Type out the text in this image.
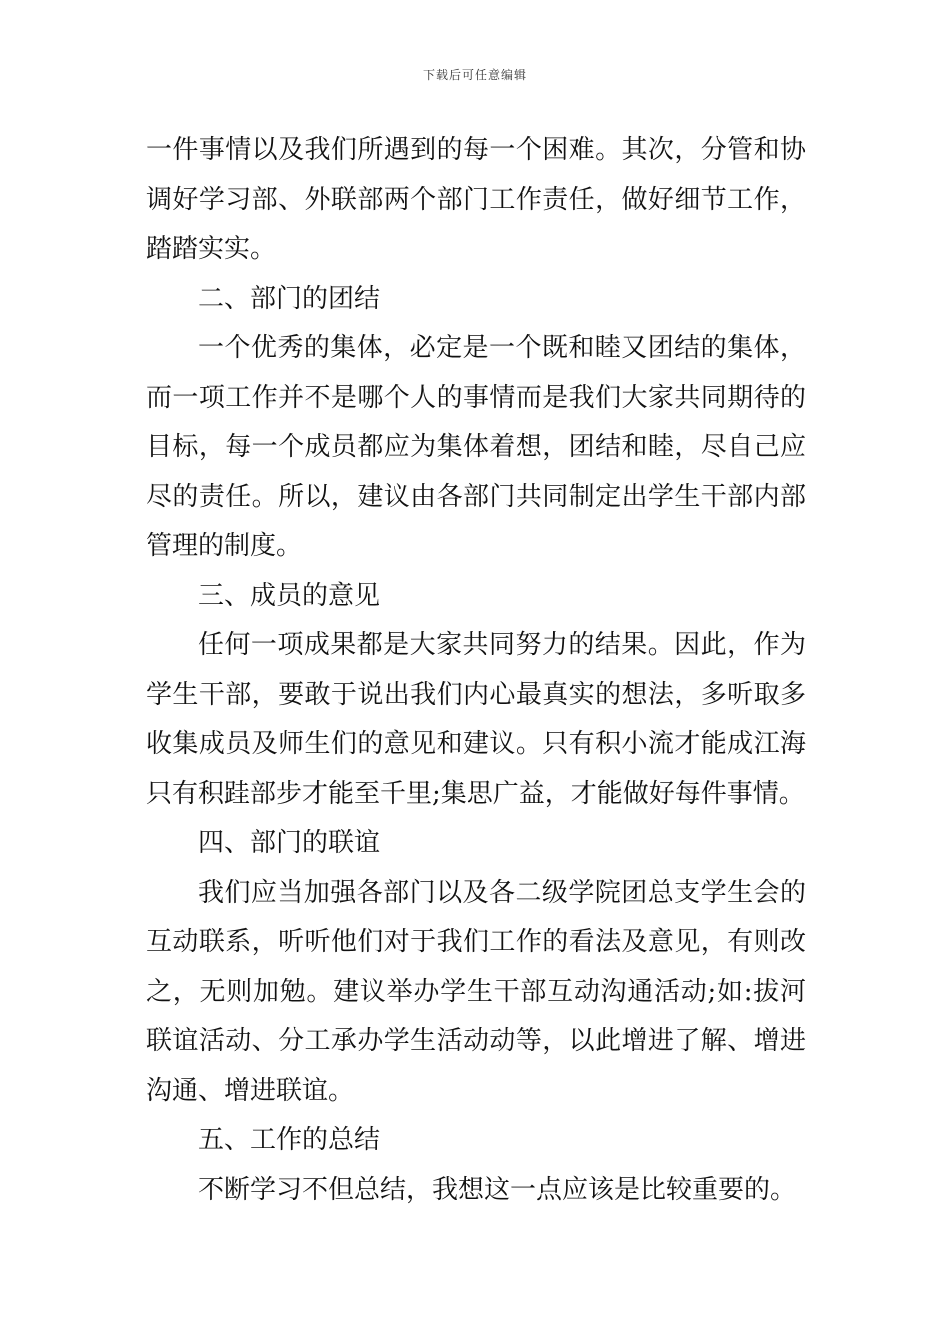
下载后可任意编辑
一件事情以及我们所遇到的每一个困难。其次，分管和协
调好学习部、外联部两个部门工作责任，做好细节工作，
踏踏实实。
二、部门的团结
一个优秀的集体，必定是一个既和睦又团结的集体，
而一项工作并不是哪个人的事情而是我们大家共同期待的
目标，每一个成员都应为集体着想，团结和睦，尽自己应
尽的责任。所以，建议由各部门共同制定出学生干部内部
管理的制度。
三、成员的意见
任何一项成果都是大家共同努力的结果。因此，作为
学生干部，要敢于说出我们内心最真实的想法，多听取多
收集成员及师生们的意见和建议。只有积小流才能成江海
只有积跬部步才能至千里;集思广益，才能做好每件事情。
四、部门的联谊
我们应当加强各部门以及各二级学院团总支学生会的
互动联系，听听他们对于我们工作的看法及意见，有则改
之，无则加勉。建议举办学生干部互动沟通活动;如:拔河
联谊活动、分工承办学生活动动等，以此增进了解、增进
沟通、增进联谊。
五、工作的总结
不断学习不但总结，我想这一点应该是比较重要的。
